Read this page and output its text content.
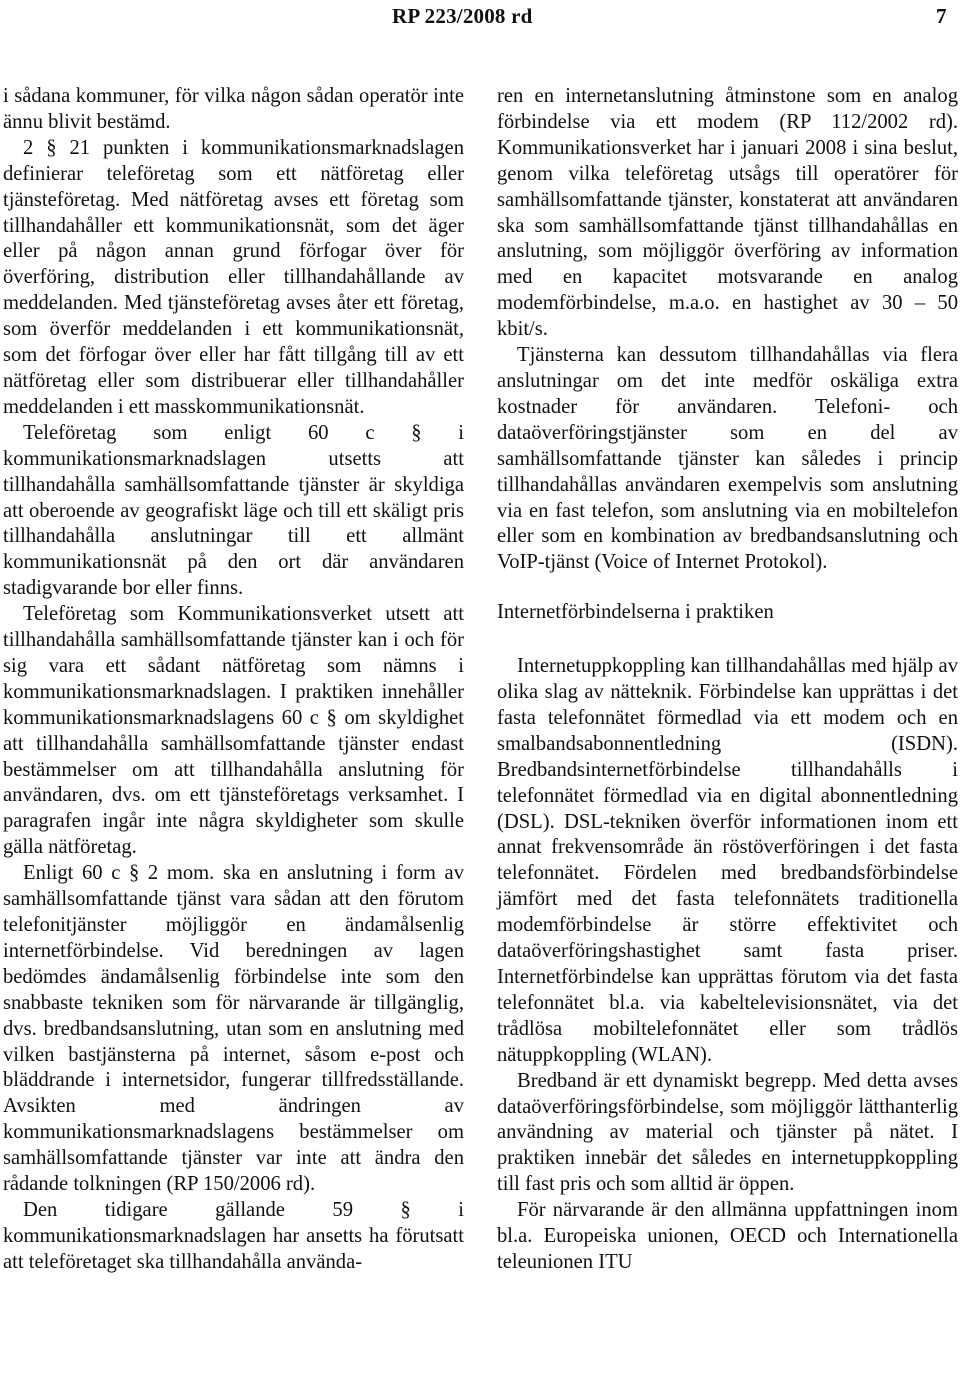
RP 223/2008 rd	7

i sådana kommuner, för vilka någon sådan operatör inte ännu blivit bestämd.

2 § 21 punkten i kommunikationsmarknadslagen definierar teleföretag som ett nätföretag eller tjänsteföretag. Med nätföretag avses ett företag som tillhandahåller ett kommunikationsnät, som det äger eller på någon annan grund förfogar över för överföring, distribution eller tillhandahållande av meddelanden. Med tjänsteföretag avses åter ett företag, som överför meddelanden i ett kommunikationsnät, som det förfogar över eller har fått tillgång till av ett nätföretag eller som distribuerar eller tillhandahåller meddelanden i ett masskommunikationsnät.

Teleföretag som enligt 60 c § i kommunikationsmarknadslagen utsetts att tillhandahålla samhällsomfattande tjänster är skyldiga att oberoende av geografiskt läge och till ett skäligt pris tillhandahålla anslutningar till ett allmänt kommunikationsnät på den ort där användaren stadigvarande bor eller finns.

Teleföretag som Kommunikationsverket utsett att tillhandahålla samhällsomfattande tjänster kan i och för sig vara ett sådant nätföretag som nämns i kommunikationsmarknadslagen. I praktiken innehåller kommunikationsmarknadslagens 60 c § om skyldighet att tillhandahålla samhällsomfattande tjänster endast bestämmelser om att tillhandahålla anslutning för användaren, dvs. om ett tjänsteföretags verksamhet. I paragrafen ingår inte några skyldigheter som skulle gälla nätföretag.

Enligt 60 c § 2 mom. ska en anslutning i form av samhällsomfattande tjänst vara sådan att den förutom telefonitjänster möjliggör en ändamålsenlig internetförbindelse. Vid beredningen av lagen bedömdes ändamålsenlig förbindelse inte som den snabbaste tekniken som för närvarande är tillgänglig, dvs. bredbandsanslutning, utan som en anslutning med vilken bastjänsterna på internet, såsom e-post och bläddrande i internetsidor, fungerar tillfredsställande. Avsikten med ändringen av kommunikationsmarknadslagens bestämmelser om samhällsomfattande tjänster var inte att ändra den rådande tolkningen (RP 150/2006 rd).

Den tidigare gällande 59 § i kommunikationsmarknadslagen har ansetts ha förutsatt att teleföretaget ska tillhandahålla använda-

ren en internetanslutning åtminstone som en analog förbindelse via ett modem (RP 112/2002 rd). Kommunikationsverket har i januari 2008 i sina beslut, genom vilka teleföretag utsågs till operatörer för samhällsomfattande tjänster, konstaterat att användaren ska som samhällsomfattande tjänst tillhandahållas en anslutning, som möjliggör överföring av information med en kapacitet motsvarande en analog modemförbindelse, m.a.o. en hastighet av 30 – 50 kbit/s.

Tjänsterna kan dessutom tillhandahållas via flera anslutningar om det inte medför oskäliga extra kostnader för användaren. Telefoni- och dataöverföringstjänster som en del av samhällsomfattande tjänster kan således i princip tillhandahållas användaren exempelvis som anslutning via en fast telefon, som anslutning via en mobiltelefon eller som en kombination av bredbandsanslutning och VoIP-tjänst (Voice of Internet Protokol).

Internetförbindelserna i praktiken

Internetuppkoppling kan tillhandahållas med hjälp av olika slag av nätteknik. Förbindelse kan upprättas i det fasta telefonnätet förmedlad via ett modem och en smalbandsabonnentledning (ISDN). Bredbandsinternetförbindelse tillhandahålls i telefonnätet förmedlad via en digital abonnentledning (DSL). DSL-tekniken överför informationen inom ett annat frekvensområde än röstöverföringen i det fasta telefonnätet. Fördelen med bredbandsförbindelse jämfört med det fasta telefonnätets traditionella modemförbindelse är större effektivitet och dataöverföringshastighet samt fasta priser. Internetförbindelse kan upprättas förutom via det fasta telefonnätet bl.a. via kabeltelevisionsnätet, via det trådlösa mobiltelefonnätet eller som trådlös nätuppkoppling (WLAN).

Bredband är ett dynamiskt begrepp. Med detta avses dataöverföringsförbindelse, som möjliggör lätthanterlig användning av material och tjänster på nätet. I praktiken innebär det således en internetuppkoppling till fast pris och som alltid är öppen.

För närvarande är den allmänna uppfattningen inom bl.a. Europeiska unionen, OECD och Internationella teleunionen ITU
